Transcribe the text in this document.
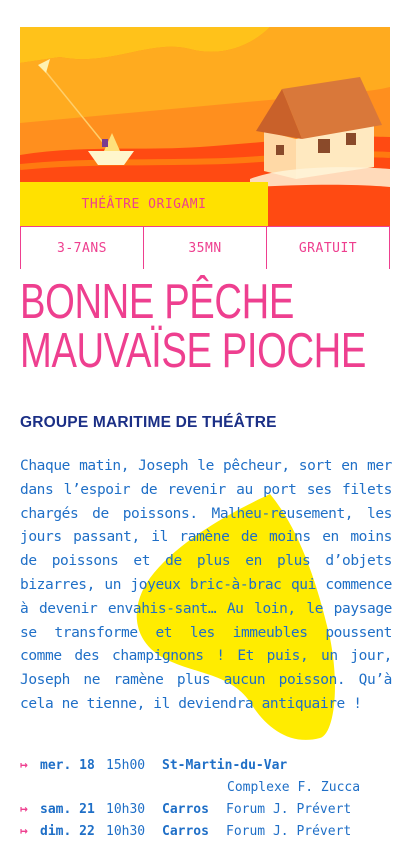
THÉÂTRE ORIGAMI
3-7ANS	35MN	GRATUIT
BONNE PÊCHE
MAUVAÏSE PIOCHE
GROUPE MARITIME DE THÉÂTRE

Chaque matin, Joseph le pêcheur, sort en mer dans l’espoir de revenir au port ses filets chargés de poissons. Malheu-reusement, les jours passant, il ramène de moins en moins de poissons et de plus en plus d’objets bizarres, un joyeux bric-à-brac qui commence à devenir envahis-sant… Au loin, le paysage se transforme et les immeubles poussent comme des champignons ! Et puis, un jour, Joseph ne ramène plus aucun poisson. Qu’à cela ne tienne, il deviendra antiquaire !

↦ mer. 18 15h00	St-Martin-du-Var
Complexe F. Zucca
↦ sam. 21 10h30	Carros	Forum J. Prévert
↦ dim. 22 10h30	Carros	Forum J. Prévert
